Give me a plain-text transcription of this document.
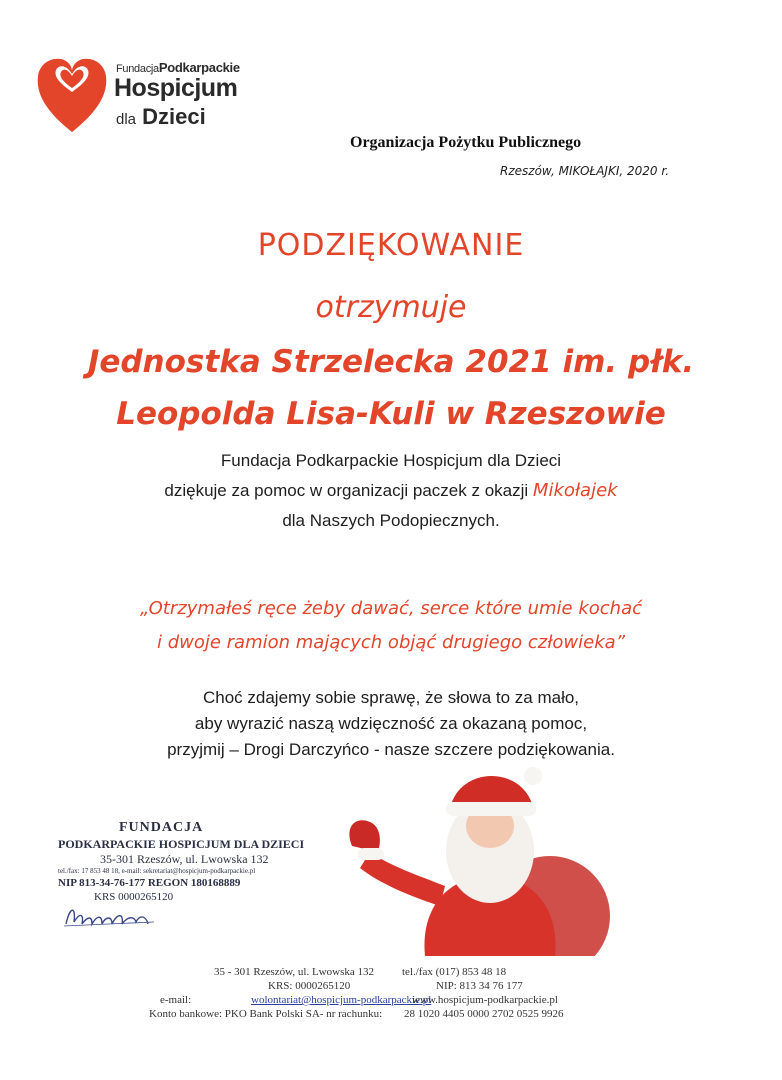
FundacjaPodkarpackie
Hospicjum
dla Dzieci
Organizacja Pożytku Publicznego
Rzeszów, MIKOŁAJKI, 2020 r.
PODZIĘKOWANIE
otrzymuje
Jednostka Strzelecka 2021 im. płk.
Leopolda Lisa-Kuli w Rzeszowie
Fundacja Podkarpackie Hospicjum dla Dzieci
dziękuje za pomoc w organizacji paczek z okazji Mikołajek
dla Naszych Podopiecznych.
„Otrzymałeś ręce żeby dawać, serce które umie kochać
i dwoje ramion mających objąć drugiego człowieka”
Choć zdajemy sobie sprawę, że słowa to za mało,
aby wyrazić naszą wdzięczność za okazaną pomoc,
przyjmij – Drogi Darczyńco - nasze szczere podziękowania.
FUNDACJA
PODKARPACKIE HOSPICJUM DLA DZIECI
35-301 Rzeszów, ul. Lwowska 132
tel./fax: 17 853 48 18, e-mail: sekretariat@hospicjum-podkarpackie.pl
NIP 813-34-76-177 REGON 180168889
KRS 0000265120
35 - 301 Rzeszów, ul. Lwowska 132	tel./fax (017) 853 48 18
KRS: 0000265120	NIP: 813 34 76 177
e-mail:	wolontariat@hospicjum-podkarpackie.pl
www.hospicjum-podkarpackie.pl
Konto bankowe: PKO Bank Polski SA- nr rachunku: 28 1020 4405 0000 2702 0525 9926
